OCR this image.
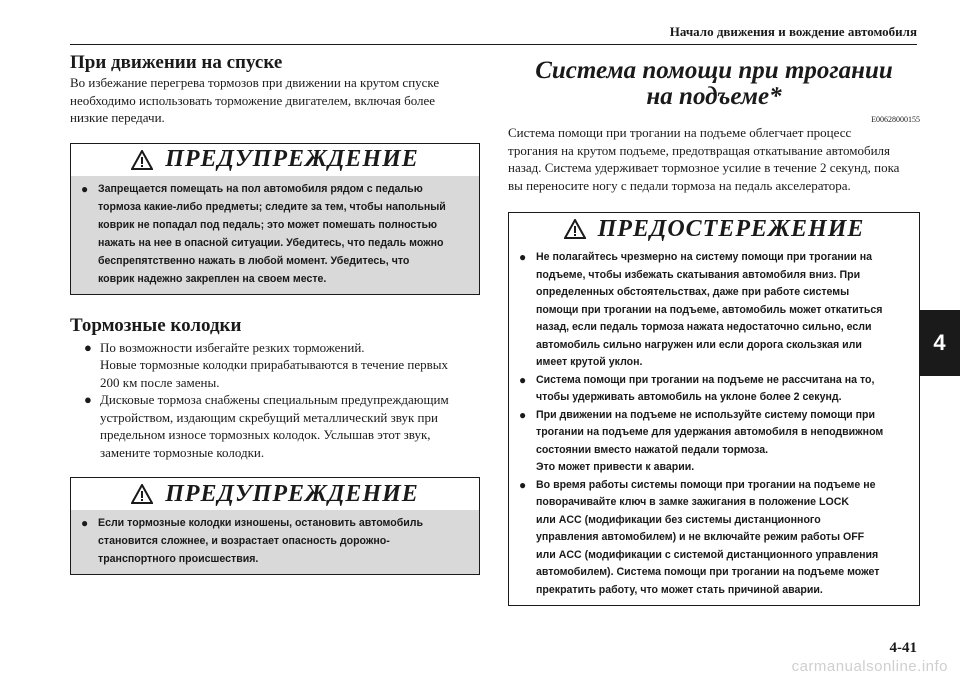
Начало движения и вождение автомобиля
При движении на спуске

Во избежание перегрева тормозов при движении на крутом спуске
необходимо использовать торможение двигателем, включая более
низкие передачи.

ПРЕДУПРЕЖДЕНИЕ
● Запрещается помещать на пол автомобиля рядом с педалью
тормоза какие-либо предметы; следите за тем, чтобы напольный
коврик не попадал под педаль; это может помешать полностью
нажать на нее в опасной ситуации. Убедитесь, что педаль можно
беспрепятственно нажать в любой момент. Убедитесь, что
коврик надежно закреплен на своем месте.
Тормозные колодки
● По возможности избегайте резких торможений.
Новые тормозные колодки прирабатываются в течение первых
200 км после замены.
● Дисковые тормоза снабжены специальным предупреждающим
устройством, издающим скребущий металлический звук при
предельном износе тормозных колодок. Услышав этот звук,
замените тормозные колодки.
ПРЕДУПРЕЖДЕНИЕ
● Если тормозные колодки изношены, остановить автомобиль
становится сложнее, и возрастает опасность дорожно-
транспортного происшествия.
Система помощи при трогании
на подъеме*
E00628000155

Система помощи при трогании на подъеме облегчает процесс
трогания на крутом подъеме, предотвращая откатывание автомобиля
назад. Система удерживает тормозное усилие в течение 2 секунд, пока
вы переносите ногу с педали тормоза на педаль акселератора.

ПРЕДОСТЕРЕЖЕНИЕ
● Не полагайтесь чрезмерно на систему помощи при трогании на
подъеме, чтобы избежать скатывания автомобиля вниз. При
определенных обстоятельствах, даже при работе системы
помощи при трогании на подъеме, автомобиль может откатиться
назад, если педаль тормоза нажата недостаточно сильно, если
автомобиль сильно нагружен или если дорога скользкая или
имеет крутой уклон.
● Система помощи при трогании на подъеме не рассчитана на то,
чтобы удерживать автомобиль на уклоне более 2 секунд.
● При движении на подъеме не используйте систему помощи при
трогании на подъеме для удержания автомобиля в неподвижном
состоянии вместо нажатой педали тормоза.
Это может привести к аварии.
● Во время работы системы помощи при трогании на подъеме не
поворачивайте ключ в замке зажигания в положение LOCK
или ACC (модификации без системы дистанционного
управления автомобилем) и не включайте режим работы OFF
или ACC (модификации с системой дистанционного управления
автомобилем). Система помощи при трогании на подъеме может
прекратить работу, что может стать причиной аварии.
4
4-41
carmanualsonline.info
